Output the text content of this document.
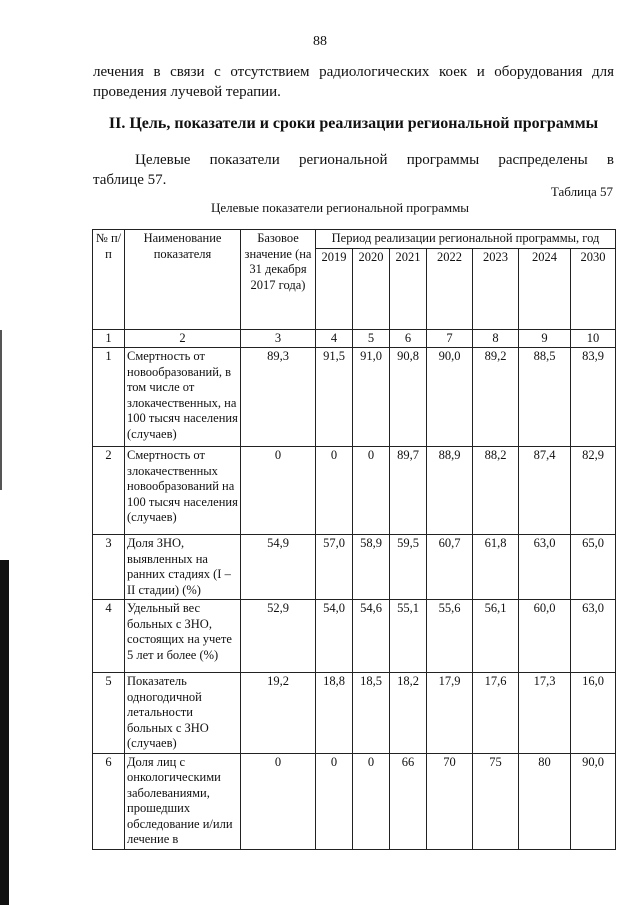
88
лечения в связи с отсутствием радиологических коек и оборудования для
проведения лучевой терапии.
II. Цель, показатели и сроки реализации региональной программы
Целевые показатели региональной программы распределены в
таблице 57.
Таблица 57
Целевые показатели региональной программы
№ п/п	Наименование показателя	Базовое значение (на 31 декабря 2017 года)	Период реализации региональной программы, год						
			2019	2020	2021	2022	2023	2024	2030
1	2	3	4	5	6	7	8	9	10
1	Смертность от новообразований, в том числе от злокачественных, на 100 тысяч населения (случаев)	89,3	91,5	91,0	90,8	90,0	89,2	88,5	83,9
2	Смертность от злокачественных новообразований на 100 тысяч населения (случаев)	0	0	0	89,7	88,9	88,2	87,4	82,9
3	Доля ЗНО, выявленных на ранних стадиях (I – II стадии) (%)	54,9	57,0	58,9	59,5	60,7	61,8	63,0	65,0
4	Удельный вес больных с ЗНО, состоящих на учете 5 лет и более (%)	52,9	54,0	54,6	55,1	55,6	56,1	60,0	63,0
5	Показатель одногодичной летальности больных с ЗНО (случаев)	19,2	18,8	18,5	18,2	17,9	17,6	17,3	16,0
6	Доля лиц с онкологическими заболеваниями, прошедших обследование и/или лечение в	0	0	0	66	70	75	80	90,0
